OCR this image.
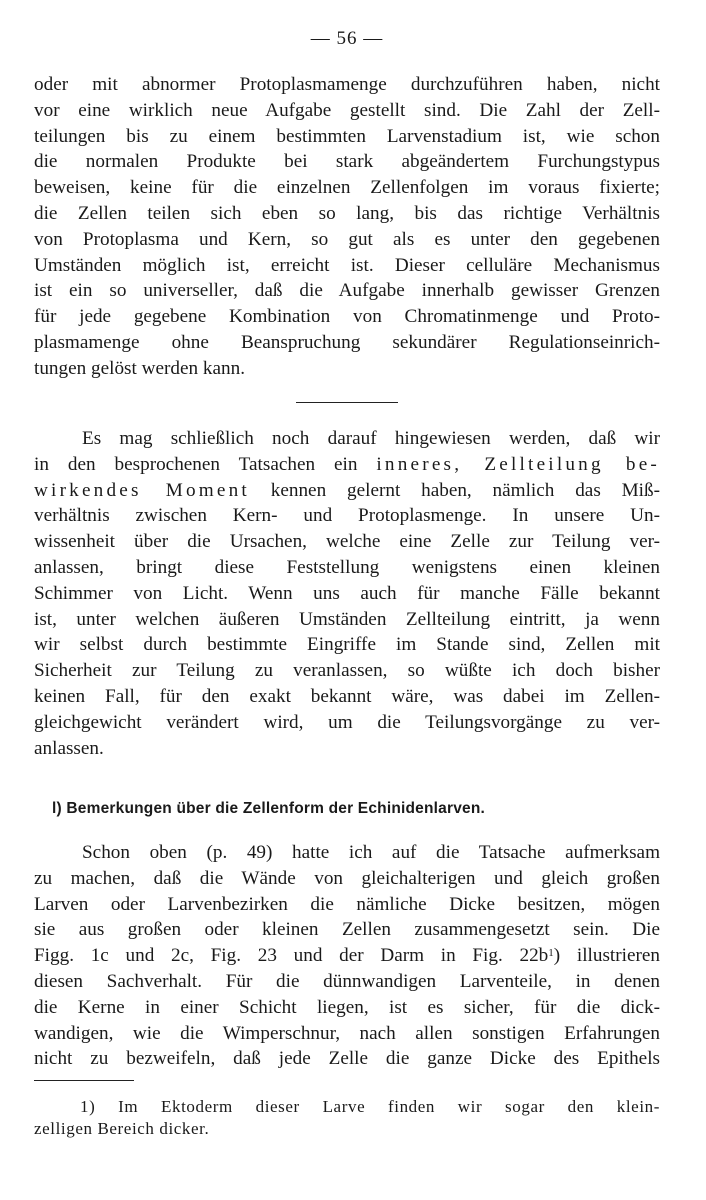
— 56 —
oder mit abnormer Protoplasmamenge durchzuführen haben, nicht
vor eine wirklich neue Aufgabe gestellt sind. Die Zahl der Zell-
teilungen bis zu einem bestimmten Larvenstadium ist, wie schon
die normalen Produkte bei stark abgeändertem Furchungstypus
beweisen, keine für die einzelnen Zellenfolgen im voraus fixierte;
die Zellen teilen sich eben so lang, bis das richtige Verhältnis
von Protoplasma und Kern, so gut als es unter den gegebenen
Umständen möglich ist, erreicht ist. Dieser celluläre Mechanismus
ist ein so universeller, daß die Aufgabe innerhalb gewisser Grenzen
für jede gegebene Kombination von Chromatinmenge und Proto-
plasmamenge ohne Beanspruchung sekundärer Regulationseinrich-
tungen gelöst werden kann.
Es mag schließlich noch darauf hingewiesen werden, daß wir
in den besprochenen Tatsachen ein inneres, Zellteilung be-
wirkendes Moment kennen gelernt haben, nämlich das Miß-
verhältnis zwischen Kern- und Protoplasmenge. In unsere Un-
wissenheit über die Ursachen, welche eine Zelle zur Teilung ver-
anlassen, bringt diese Feststellung wenigstens einen kleinen
Schimmer von Licht. Wenn uns auch für manche Fälle bekannt
ist, unter welchen äußeren Umständen Zellteilung eintritt, ja wenn
wir selbst durch bestimmte Eingriffe im Stande sind, Zellen mit
Sicherheit zur Teilung zu veranlassen, so wüßte ich doch bisher
keinen Fall, für den exakt bekannt wäre, was dabei im Zellen-
gleichgewicht verändert wird, um die Teilungsvorgänge zu ver-
anlassen.
l) Bemerkungen über die Zellenform der Echinidenlarven.
Schon oben (p. 49) hatte ich auf die Tatsache aufmerksam
zu machen, daß die Wände von gleichalterigen und gleich großen
Larven oder Larvenbezirken die nämliche Dicke besitzen, mögen
sie aus großen oder kleinen Zellen zusammengesetzt sein. Die
Figg. 1c und 2c, Fig. 23 und der Darm in Fig. $22b^1$) illustrieren
diesen Sachverhalt. Für die dünnwandigen Larventeile, in denen
die Kerne in einer Schicht liegen, ist es sicher, für die dick-
wandigen, wie die Wimperschnur, nach allen sonstigen Erfahrungen
nicht zu bezweifeln, daß jede Zelle die ganze Dicke des Epithels
1) Im Ektoderm dieser Larve finden wir sogar den klein-
zelligen Bereich dicker.
